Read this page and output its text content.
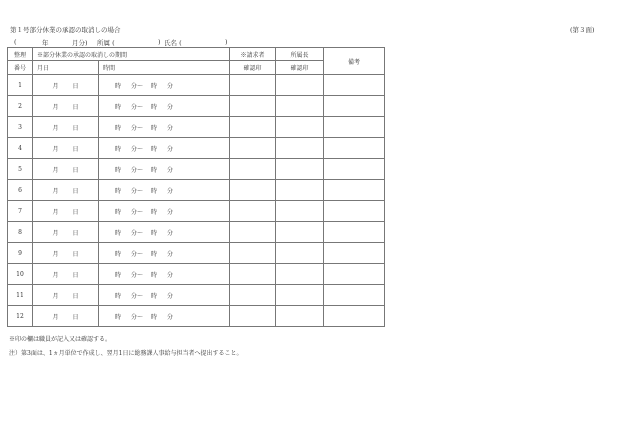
第１号部分休業の承認の取消しの場合	(第３面)
(	年	月分) 所属 (	) 氏名 (	)
整理	※部分休業の承認の取消しの期間		※請求者	所属長	備考
番号	月日	時間	確認印	確認印	
1	月 日	時 分～ 時 分			
2	月 日	時 分～ 時 分			
3	月 日	時 分～ 時 分			
4	月 日	時 分～ 時 分			
5	月 日	時 分～ 時 分			
6	月 日	時 分～ 時 分			
7	月 日	時 分～ 時 分			
8	月 日	時 分～ 時 分			
9	月 日	時 分～ 時 分			
10	月 日	時 分～ 時 分			
11	月 日	時 分～ 時 分			
12	月 日	時 分～ 時 分			
※印の欄は職員が記入又は確認する。
注）第3面は、1ヵ月単位で作成し、翌月1日に総務課人事給与担当者へ提出すること。
